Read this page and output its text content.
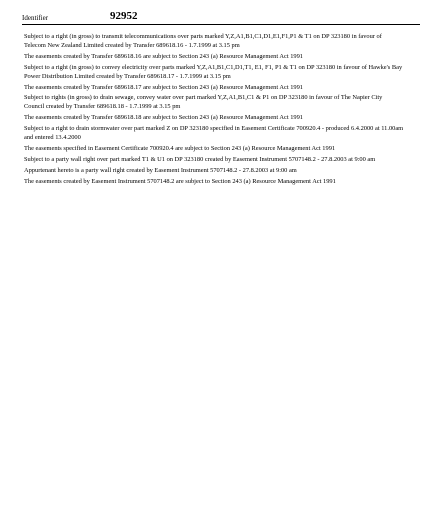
Identifier	92952
Subject to a right (in gross) to transmit telecommunications over parts marked Y,Z,A1,B1,C1,D1,E1,F1,P1 & T1 on DP 323180 in favour of Telecom New Zealand Limited created by Transfer 689618.16 - 1.7.1999 at 3.15 pm
The easements created by Transfer 689618.16 are subject to Section 243 (a) Resource Management Act 1991
Subject to a right (in gross) to convey electricity over parts marked Y,Z,A1,B1,C1,D1,T1, E1, F1, P1 & T1 on DP 323180 in favour of Hawke's Bay Power Distribution Limited created by Transfer 689618.17 - 1.7.1999 at 3.15 pm
The easements created by Transfer 689618.17 are subject to Section 243 (a) Resource Management Act 1991
Subject to rights (in gross) to drain sewage, convey water over part marked Y,Z,A1,B1,C1 & P1 on DP 323180 in favour of The Napier City Council created by Transfer 689618.18 - 1.7.1999 at 3.15 pm
The easements created by Transfer 689618.18 are subject to Section 243 (a) Resource Management Act 1991
Subject to a right to drain stormwater over part marked Z on DP 323180 specified in Easement Certificate 700920.4 - produced 6.4.2000 at 11.00am and entered 13.4.2000
The easements specified in Easement Certificate 700920.4 are subject to Section 243 (a) Resource Management Act 1991
Subject to a party wall right over part marked T1 & U1 on DP 323180 created by Easement Instrument 5707148.2 - 27.8.2003 at 9:00 am
Appurtenant hereto is a party wall right created by Easement Instrument 5707148.2 - 27.8.2003 at 9:00 am
The easements created by Easement Instrument 5707148.2 are subject to Section 243 (a) Resource Management Act 1991
